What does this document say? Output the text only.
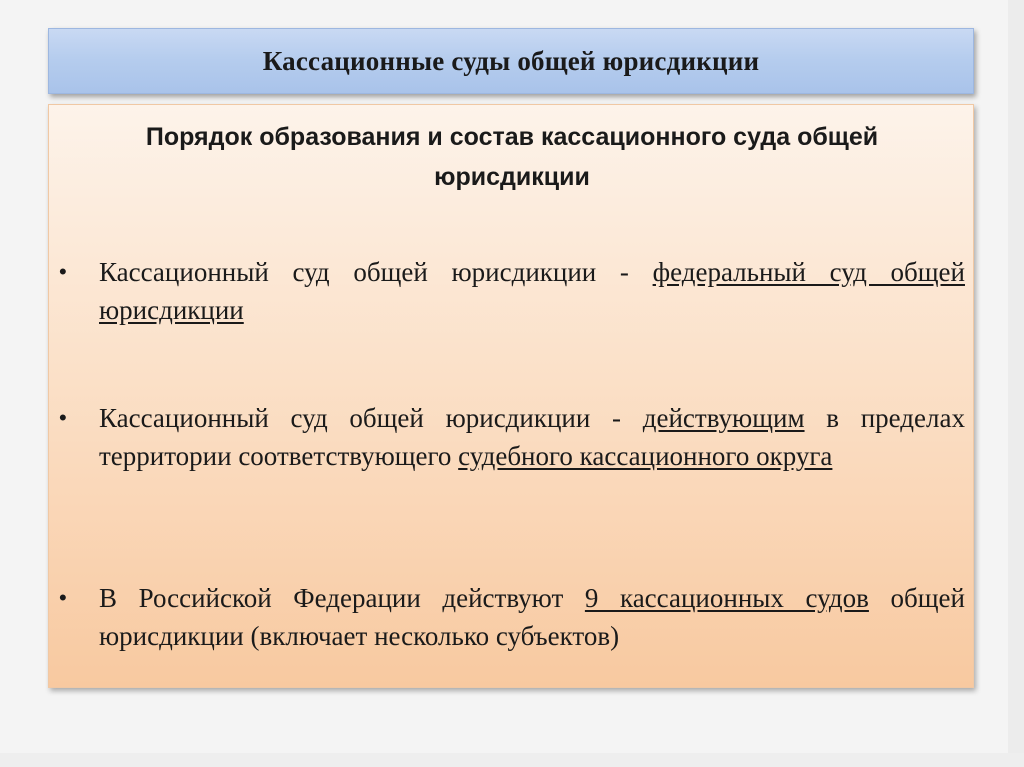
Кассационные суды общей юрисдикции
Порядок образования и состав кассационного суда общей юрисдикции
• Кассационный суд общей юрисдикции - федеральный суд общей юрисдикции
• Кассационный суд общей юрисдикции - действующим в пределах территории соответствующего судебного кассационного округа
• В Российской Федерации действуют 9 кассационных судов общей юрисдикции (включает несколько субъектов)
